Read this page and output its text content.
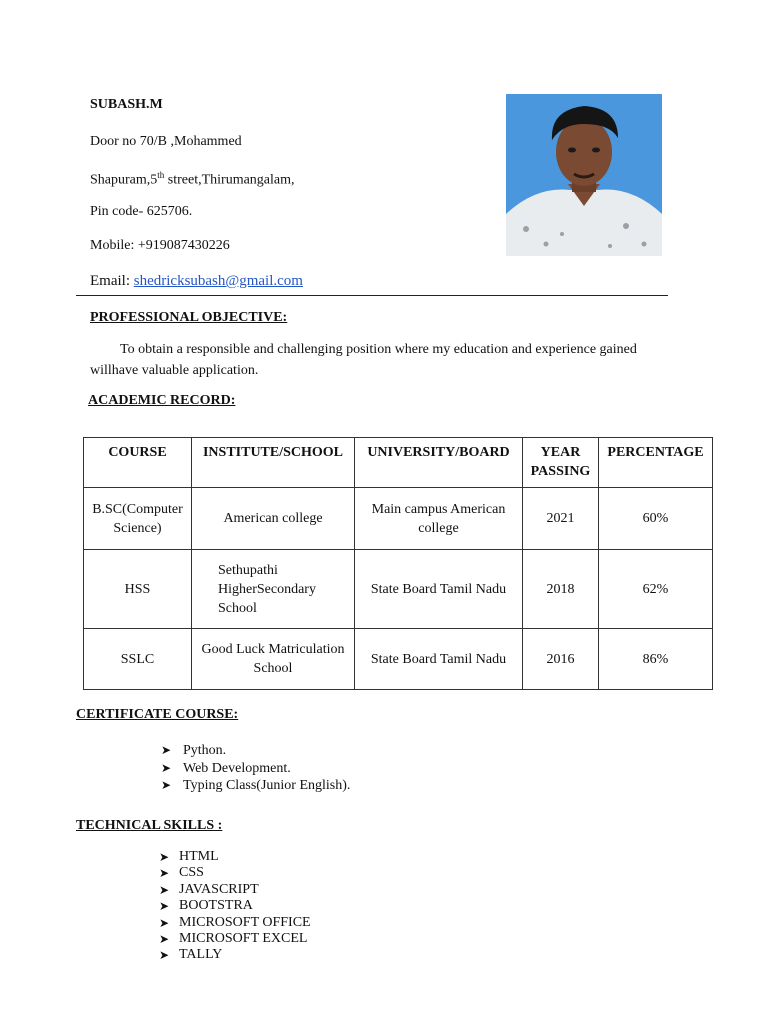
SUBASH.M
Door no 70/B ,Mohammed
Shapuram,5th street,Thirumangalam,
Pin code- 625706.
Mobile: +919087430226
Email: shedricksubash@gmail.com
PROFESSIONAL OBJECTIVE:
To obtain a responsible and challenging position where my education and experience gained
willhave valuable application.
ACADEMIC RECORD:
COURSE	INSTITUTE/SCHOOL	UNIVERSITY/BOARD	YEAR PASSING	PERCENTAGE
B.SC(Computer Science)	American college	Main campus American college	2021	60%
HSS	Sethupathi HigherSecondary School	State Board Tamil Nadu	2018	62%
SSLC	Good Luck Matriculation School	State Board Tamil Nadu	2016	86%
CERTIFICATE COURSE:
➤ Python.
➤ Web Development.
➤ Typing Class(Junior English).
TECHNICAL SKILLS :
➤ HTML
➤ CSS
➤ JAVASCRIPT
➤ BOOTSTRA
➤ MICROSOFT OFFICE
➤ MICROSOFT EXCEL
➤ TALLY
